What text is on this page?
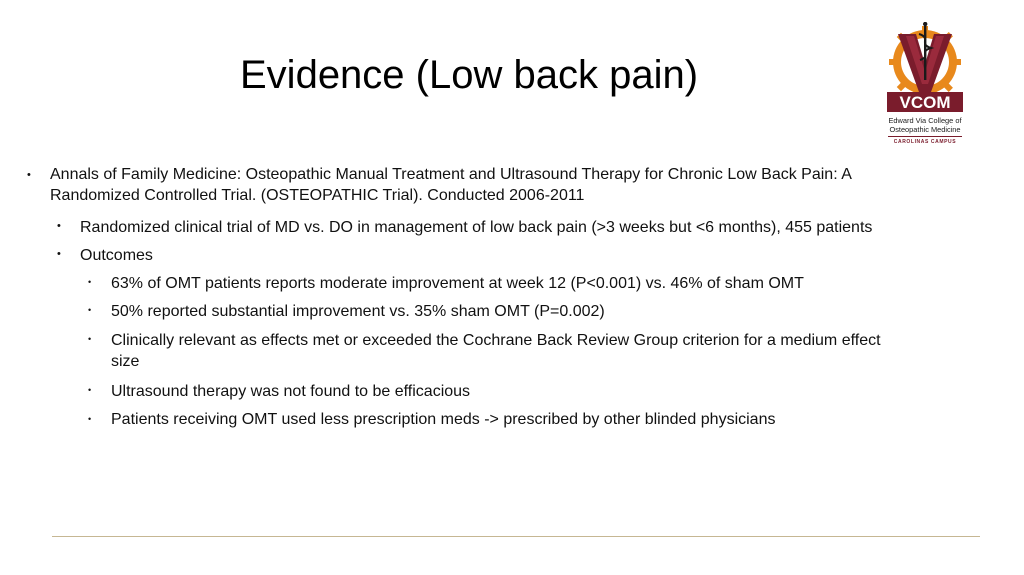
Evidence (Low back pain)
VCOM
Edward Via College of
Osteopathic Medicine
CAROLINAS CAMPUS
• Annals of Family Medicine: Osteopathic Manual Treatment and Ultrasound Therapy for Chronic Low Back Pain: A
Randomized Controlled Trial. (OSTEOPATHIC Trial). Conducted 2006-2011
• Randomized clinical trial of MD vs. DO in management of low back pain (>3 weeks but <6 months), 455 patients
• Outcomes
• 63% of OMT patients reports moderate improvement at week 12 (P<0.001) vs. 46% of sham OMT
• 50% reported substantial improvement vs. 35% sham OMT (P=0.002)
• Clinically relevant as effects met or exceeded the Cochrane Back Review Group criterion for a medium effect
size
• Ultrasound therapy was not found to be efficacious
• Patients receiving OMT used less prescription meds -> prescribed by other blinded physicians
